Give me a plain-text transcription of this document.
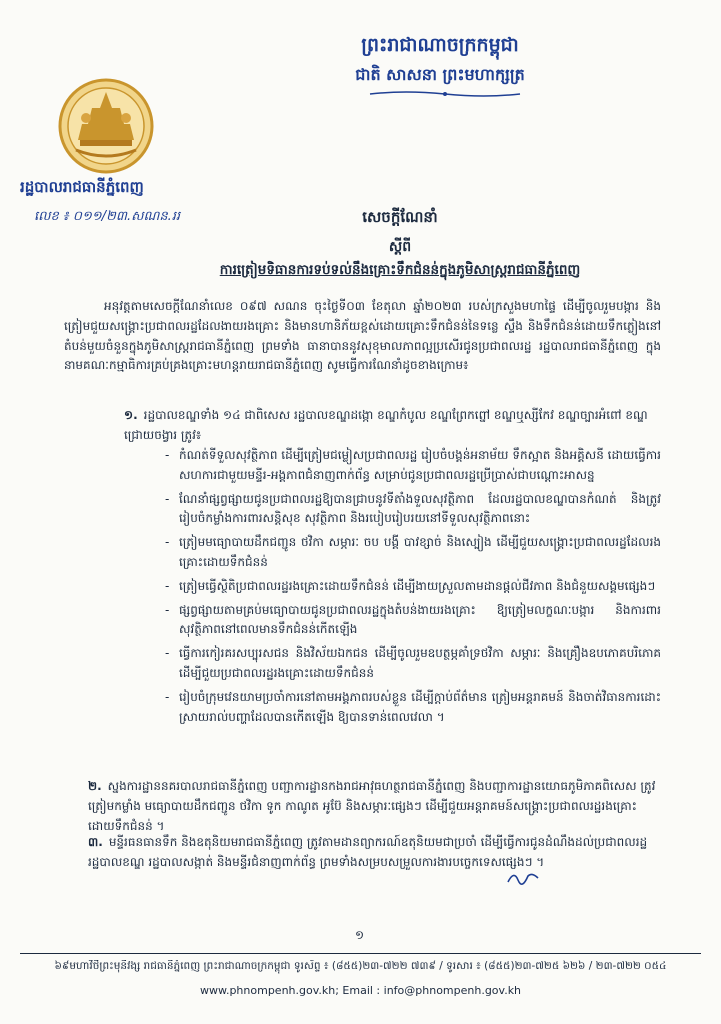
ព្រះរាជាណាចក្រកម្ពុជា
ជាតិ សាសនា ព្រះមហាក្សត្រ
រដ្ឋបាលរាជធានីភ្នំពេញ
លេខ ៖ ០១១/២៣.សណន.ររ	សេចក្តីណែនាំ
ស្តីពី
ការត្រៀមទិធានការទប់ទល់នឹងគ្រោះទឹកជំនន់ក្នុងភូមិសាស្ត្ររាជធានីភ្នំពេញ
អនុវត្តតាមសេចក្តីណែនាំលេខ ០៩៧ សណន ចុះថ្ងៃទី០៣ ខែតុលា ឆ្នាំ២០២៣ របស់ក្រសួងមហាផ្ទៃ ដើម្បីចូលរួមបង្ការ និងត្រៀមជួយសង្គ្រោះប្រជាពលរដ្ឋដែលងាយរងគ្រោះ និងមានហានិភ័យខ្ពស់ដោយគ្រោះទឹកជំនន់នៃទន្លេ ស្ទឹង និងទឹកជំនន់ដោយទឹកភ្លៀងនៅតំបន់មួយចំនួនក្នុងភូមិសាស្ត្ររាជធានីភ្នំពេញ ព្រមទាំង ធានាបាននូវសុខុមាលភាពល្អប្រសើរជូនប្រជាពលរដ្ឋ រដ្ឋបាលរាជធានីភ្នំពេញ ក្នុងនាមគណៈកម្មាធិការគ្រប់គ្រងគ្រោះមហន្តរាយរាជធានីភ្នំពេញ សូមធ្វើការណែនាំដូចខាងក្រោម៖
១. រដ្ឋបាលខណ្ឌទាំង ១៤ ជាពិសេស រដ្ឋបាលខណ្ឌដង្កោ ខណ្ឌកំបូល ខណ្ឌព្រែកព្នៅ ខណ្ឌឬស្សីកែវ ខណ្ឌច្បារអំពៅ ខណ្ឌជ្រោយចង្វារ ត្រូវ៖
- កំណត់ទីទួលសុវត្ថិភាព ដើម្បីត្រៀមជម្លៀសប្រជាពលរដ្ឋ រៀបចំបង្គន់អនាម័យ ទឹកស្អាត និងអគ្គិសនី ដោយធ្វើការសហការជាមួយមន្ទីរ-អង្គភាពជំនាញពាក់ព័ន្ធ សម្រាប់ជូនប្រជាពលរដ្ឋប្រើប្រាស់ជាបណ្តោះអាសន្ន
- ណែនាំផ្សព្វផ្សាយជូនប្រជាពលរដ្ឋឱ្យបានជ្រាបនូវទីតាំងទួលសុវត្ថិភាព ដែលរដ្ឋបាលខណ្ឌបានកំណត់ និងត្រូវរៀបចំកម្លាំងការពារសន្តិសុខ សុវត្ថិភាព និងរបៀបរៀបរយនៅទីទួលសុវត្ថិភាពនោះ
- ត្រៀមមធ្យោបាយដឹកជញ្ជូន ថវិកា សម្ភារៈ ចប បង្គី បាវខ្សាច់ និងស្បៀង ដើម្បីជួយសង្គ្រោះប្រជាពលរដ្ឋដែលរងគ្រោះដោយទឹកជំនន់
- ត្រៀមធ្វើស្ថិតិប្រជាពលរដ្ឋរងគ្រោះដោយទឹកជំនន់ ដើម្បីងាយស្រួលតាមដានផ្តល់ជីវភាព និងជំនួយសង្គមផ្សេងៗ
- ផ្សព្វផ្សាយតាមគ្រប់មធ្យោបាយជូនប្រជាពលរដ្ឋក្នុងតំបន់ងាយរងគ្រោះ ឱ្យត្រៀមលក្ខណៈបង្ការ និងការពារសុវត្ថិភាពនៅពេលមានទឹកជំនន់កើតឡើង
- ធ្វើការកៀរគរសប្បុរសជន និងវិស័យឯកជន ដើម្បីចូលរួមឧបត្ថម្ភគាំទ្រថវិកា សម្ភារៈ និងគ្រឿងឧបភោគបរិភោគ ដើម្បីជួយប្រជាពលរដ្ឋរងគ្រោះដោយទឹកជំនន់
- រៀបចំក្រុមវេនយាមប្រចាំការនៅតាមអង្គភាពរបស់ខ្លួន ដើម្បីក្តាប់ព័ត៌មាន ត្រៀមអន្តរាគមន៍ និងចាត់វិធានការដោះស្រាយរាល់បញ្ហាដែលបានកើតឡើង ឱ្យបានទាន់ពេលវេលា ។
២. ស្នងការដ្ឋាននគរបាលរាជធានីភ្នំពេញ បញ្ជាការដ្ឋានកងរាជអាវុធហត្ថរាជធានីភ្នំពេញ និងបញ្ជាការដ្ឋានយោធភូមិភាគពិសេស ត្រូវត្រៀមកម្លាំង មធ្យោបាយដឹកជញ្ជូន ថវិកា ទូក កាណូត អូប៊ែ និងសម្ភារៈផ្សេងៗ ដើម្បីជួយអន្តរាគមន៍សង្គ្រោះប្រជាពលរដ្ឋរងគ្រោះដោយទឹកជំនន់ ។
៣. មន្ទីរធនធានទឹក និងឧតុនិយមរាជធានីភ្នំពេញ ត្រូវតាមដានព្យាករណ៍ឧតុនិយមជាប្រចាំ ដើម្បីធ្វើការជូនដំណឹងដល់ប្រជាពលរដ្ឋ រដ្ឋបាលខណ្ឌ រដ្ឋបាលសង្កាត់ និងមន្ទីរជំនាញពាក់ព័ន្ធ ព្រមទាំងសម្របសម្រួលការងារបច្ចេកទេសផ្សេងៗ ។
១
៦៩មហាវិថីព្រះមុនីវង្ស រាជធានីភ្នំពេញ ព្រះរាជាណាចក្រកម្ពុជា ទូរស័ព្ទ ៖ (៨៥៥)២៣-៧២២ ៧៣៩ / ទូរសារ ៖ (៨៥៥)២៣-៧២៥ ៦២៦ / ២៣-៧២២ ០៥៤
www.phnompenh.gov.kh; Email : info@phnompenh.gov.kh
